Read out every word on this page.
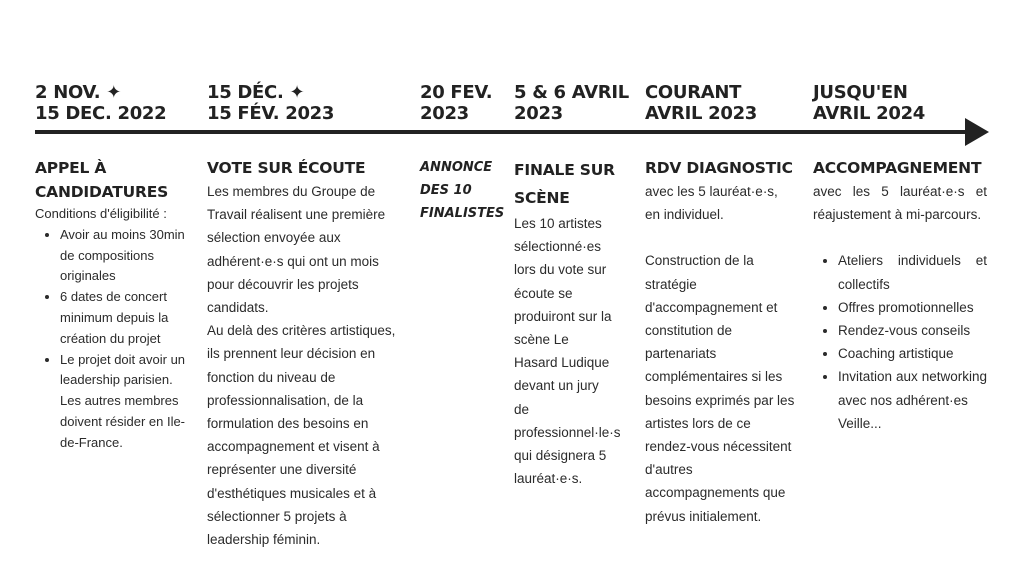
2 NOV. ✦
15 DEC. 2022
15 DÉC. ✦
15 FÉV. 2023
20 FEV.
2023
5 & 6 AVRIL
2023
COURANT
AVRIL 2023
JUSQU'EN
AVRIL 2024
APPEL À
CANDIDATURES

Conditions d'éligibilité :

• Avoir au moins 30min de compositions originales
• 6 dates de concert minimum depuis la création du projet
• Le projet doit avoir un leadership parisien. Les autres membres doivent résider en Ile-de-France.
VOTE SUR ÉCOUTE

Les membres du Groupe de Travail réalisent une première sélection envoyée aux adhérent·e·s qui ont un mois pour découvrir les projets candidats.

Au delà des critères artistiques, ils prennent leur décision en fonction du niveau de professionnalisation, de la formulation des besoins en accompagnement et visent à représenter une diversité d'esthétiques musicales et à sélectionner 5 projets à leadership féminin.

ANNONCE
DES 10
FINALISTES
FINALE SUR
SCÈNE

Les 10 artistes sélectionné·es lors du vote sur écoute se produiront sur la scène Le Hasard Ludique devant un jury de professionnel·le·s qui désignera 5 lauréat·e·s.

RDV DIAGNOSTIC

avec les 5 lauréat·e·s, en individuel.

Construction de la stratégie d'accompagnement et constitution de partenariats complémentaires si les besoins exprimés par les artistes lors de ce rendez-vous nécessitent d'autres accompagnements que prévus initialement.

ACCOMPAGNEMENT

avec les 5 lauréat·e·s et réajustement à mi-parcours.

• Ateliers individuels et collectifs
• Offres promotionnelles
• Rendez-vous conseils
• Coaching artistique
• Invitation aux networking avec nos adhérent·es
Veille...
